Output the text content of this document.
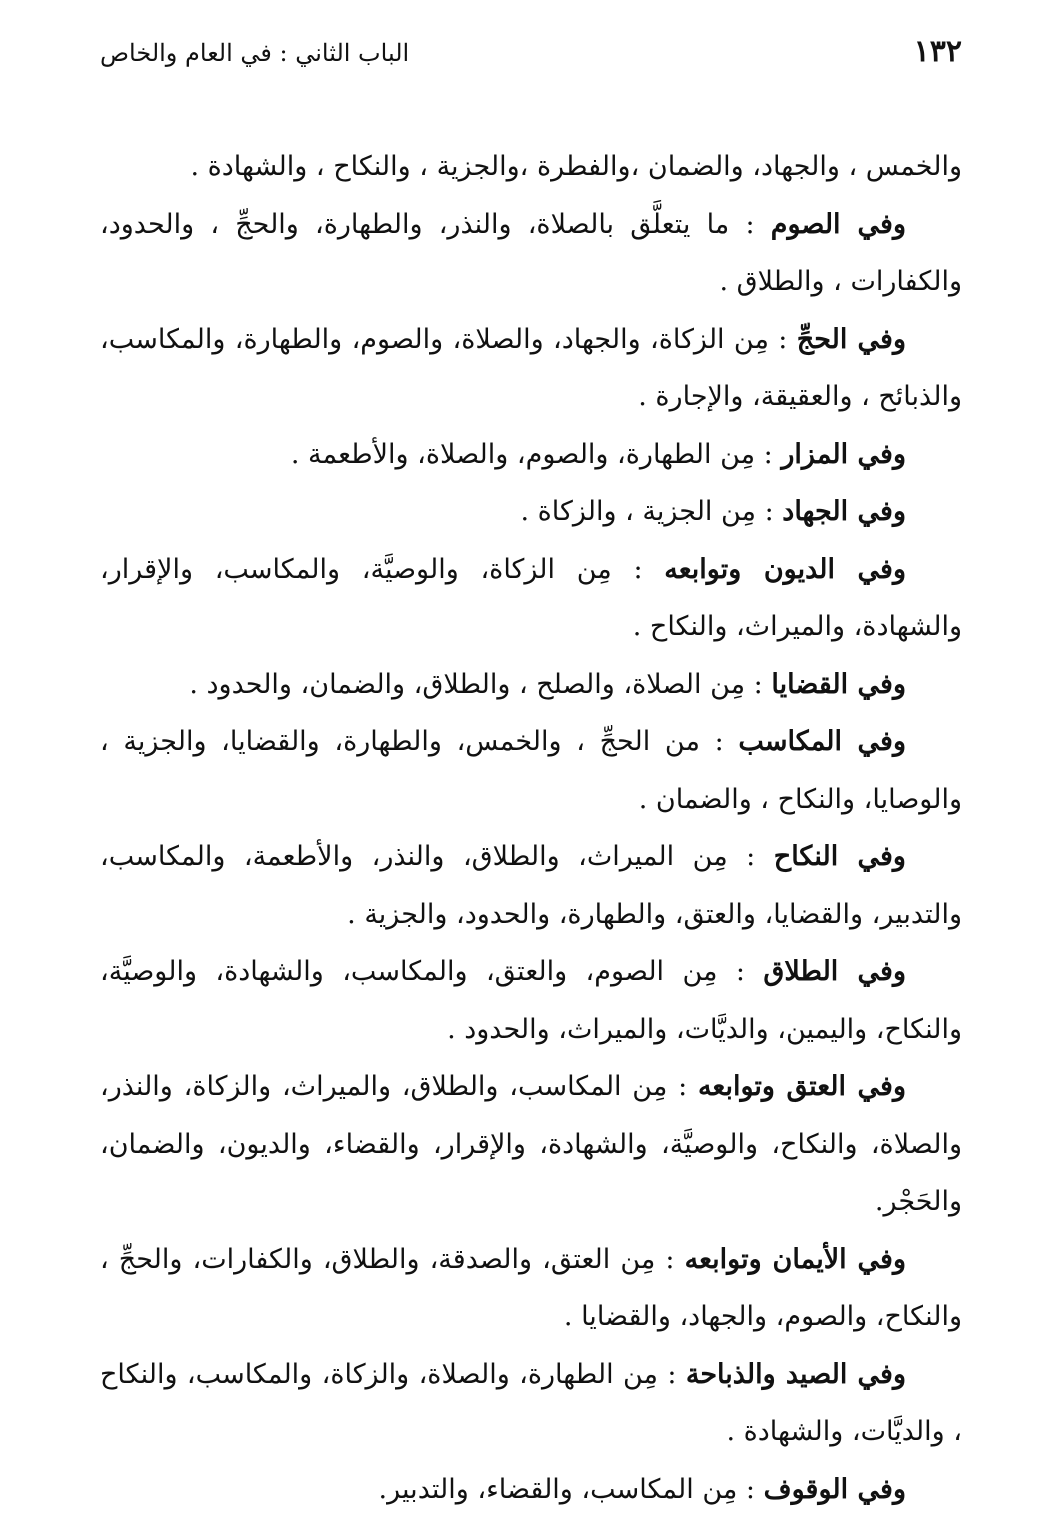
١٣٢
الباب الثاني : في العام والخاص

والخمس ، والجهاد، والضمان ،والفطرة ،والجزية ، والنكاح ، والشهادة .

وفي الصوم : ما يتعلَّق بالصلاة، والنذر، والطهارة، والحجِّ ، والحدود، والكفارات ، والطلاق .

وفي الحجِّ : مِن الزكاة، والجهاد، والصلاة، والصوم، والطهارة، والمكاسب، والذبائح ، والعقيقة، والإجارة .

وفي المزار : مِن الطهارة، والصوم، والصلاة، والأطعمة .

وفي الجهاد : مِن الجزية ، والزكاة .

وفي الديون وتوابعه : مِن الزكاة، والوصيَّة، والمكاسب، والإقرار، والشهادة، والميراث، والنكاح .

وفي القضايا : مِن الصلاة، والصلح ، والطلاق، والضمان، والحدود .

وفي المكاسب : من الحجِّ ، والخمس، والطهارة، والقضايا، والجزية ، والوصايا، والنكاح ، والضمان .

وفي النكاح : مِن الميراث، والطلاق، والنذر، والأطعمة، والمكاسب، والتدبير، والقضايا، والعتق، والطهارة، والحدود، والجزية .

وفي الطلاق : مِن الصوم، والعتق، والمكاسب، والشهادة، والوصيَّة، والنكاح، واليمين، والديَّات، والميراث، والحدود .

وفي العتق وتوابعه : مِن المكاسب، والطلاق، والميراث، والزكاة، والنذر، والصلاة، والنكاح، والوصيَّة، والشهادة، والإقرار، والقضاء، والديون، والضمان، والحَجْر.

وفي الأيمان وتوابعه : مِن العتق، والصدقة، والطلاق، والكفارات، والحجِّ ، والنكاح، والصوم، والجهاد، والقضايا .

وفي الصيد والذباحة : مِن الطهارة، والصلاة، والزكاة، والمكاسب، والنكاح ، والديَّات، والشهادة .

وفي الوقوف : مِن المكاسب، والقضاء، والتدبير.
